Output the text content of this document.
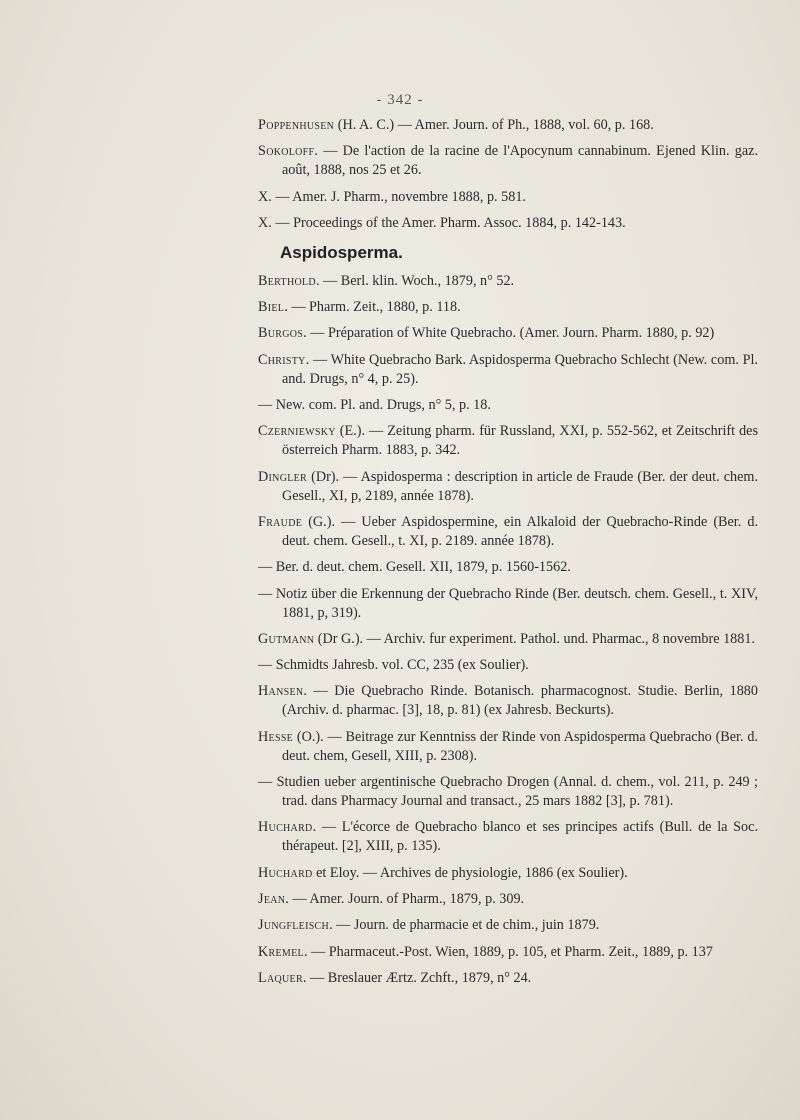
- 342 -
Poppenhusen (H. A. C.) — Amer. Journ. of Ph., 1888, vol. 60, p. 168.
Sokoloff. — De l'action de la racine de l'Apocynum cannabinum. Ejened Klin. gaz. août, 1888, nos 25 et 26.
X. — Amer. J. Pharm., novembre 1888, p. 581.
X. — Proceedings of the Amer. Pharm. Assoc. 1884, p. 142-143.
Aspidosperma.
Berthold. — Berl. klin. Woch., 1879, n° 52.
Biel. — Pharm. Zeit., 1880, p. 118.
Burgos. — Préparation of White Quebracho. (Amer. Journ. Pharm. 1880, p. 92)
Christy. — White Quebracho Bark. Aspidosperma Quebracho Schlecht (New. com. Pl. and. Drugs, n° 4, p. 25).
— New. com. Pl. and. Drugs, n° 5, p. 18.
Czerniewsky (E.). — Zeitung pharm. für Russland, XXI, p. 552-562, et Zeitschrift des österreich Pharm. 1883, p. 342.
Dingler (Dr). — Aspidosperma : description in article de Fraude (Ber. der deut. chem. Gesell., XI, p, 2189, année 1878).
Fraude (G.). — Ueber Aspidospermine, ein Alkaloid der Quebracho-Rinde (Ber. d. deut. chem. Gesell., t. XI, p. 2189. année 1878).
— Ber. d. deut. chem. Gesell. XII, 1879, p. 1560-1562.
— Notiz über die Erkennung der Quebracho Rinde (Ber. deutsch. chem. Gesell., t. XIV, 1881, p, 319).
Gutmann (Dr G.). — Archiv. fur experiment. Pathol. und. Pharmac., 8 novembre 1881.
— Schmidts Jahresb. vol. CC, 235 (ex Soulier).
Hansen. — Die Quebracho Rinde. Botanisch. pharmacognost. Studie. Berlin, 1880 (Archiv. d. pharmac. [3], 18, p. 81) (ex Jahresb. Beckurts).
Hesse (O.). — Beitrage zur Kenntniss der Rinde von Aspidosperma Quebracho (Ber. d. deut. chem, Gesell, XIII, p. 2308).
— Studien ueber argentinische Quebracho Drogen (Annal. d. chem., vol. 211, p. 249 ; trad. dans Pharmacy Journal and transact., 25 mars 1882 [3], p. 781).
Huchard. — L'écorce de Quebracho blanco et ses principes actifs (Bull. de la Soc. thérapeut. [2], XIII, p. 135).
Huchard et Eloy. — Archives de physiologie, 1886 (ex Soulier).
Jean. — Amer. Journ. of Pharm., 1879, p. 309.
Jungfleisch. — Journ. de pharmacie et de chim., juin 1879.
Kremel. — Pharmaceut.-Post. Wien, 1889, p. 105, et Pharm. Zeit., 1889, p. 137
Laquer. — Breslauer Ærtz. Zchft., 1879, n° 24.
